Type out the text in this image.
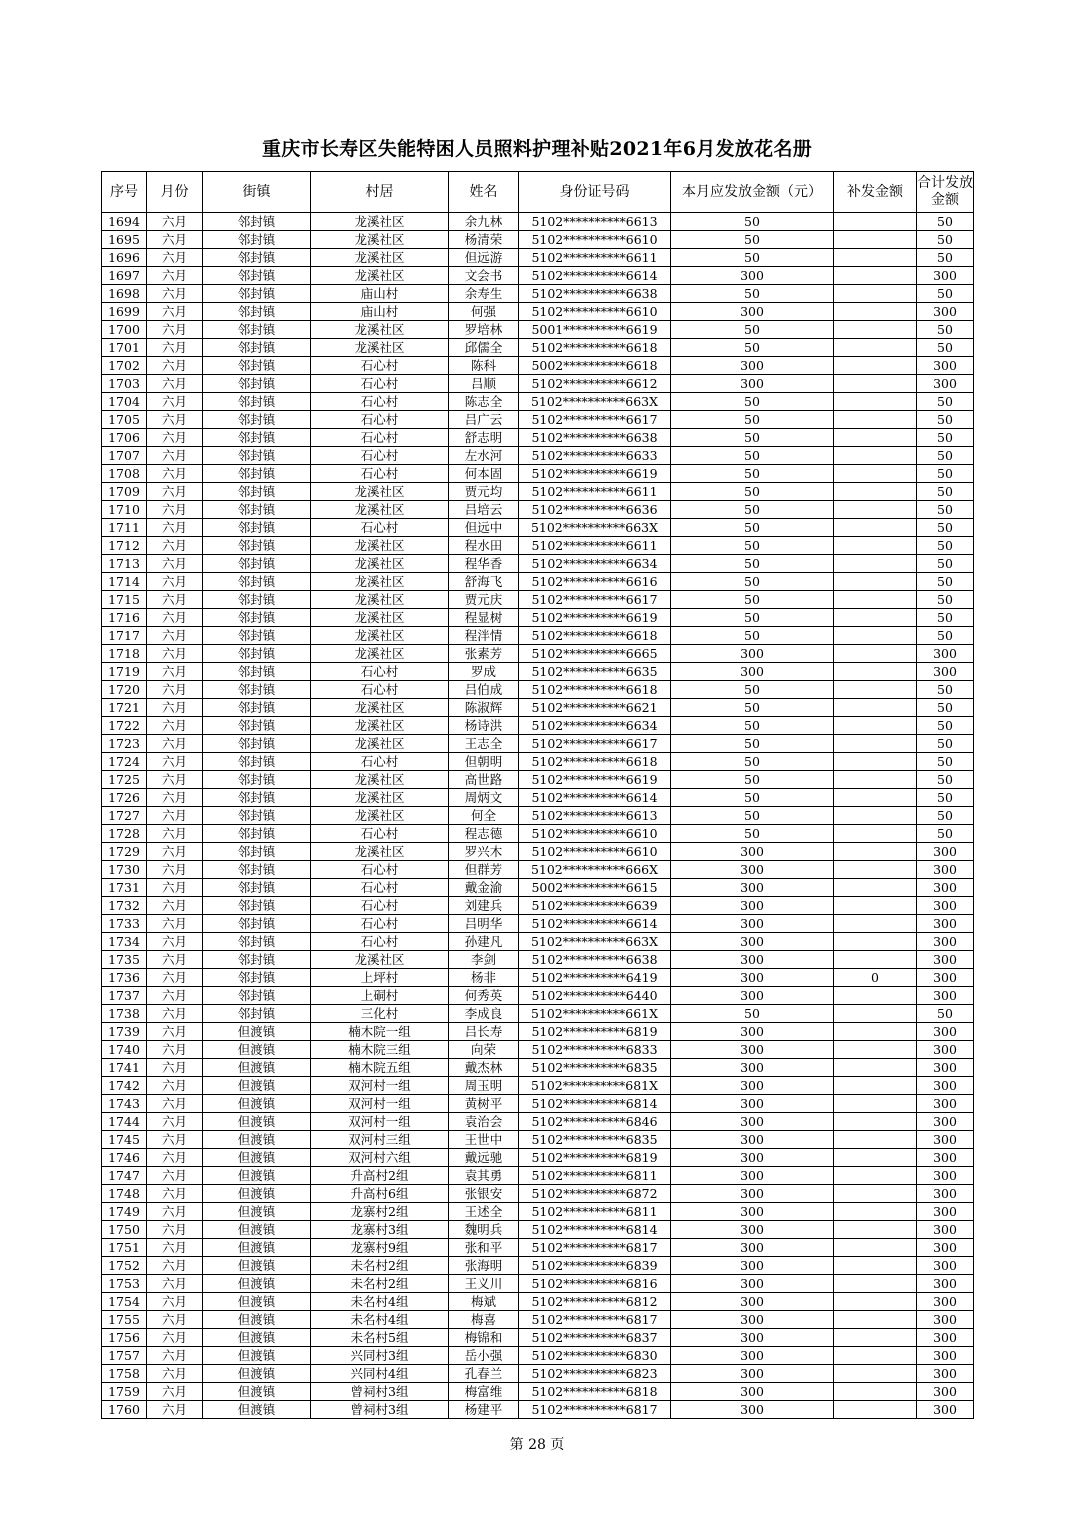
重庆市长寿区失能特困人员照料护理补贴2021年6月发放花名册
序号	月份	街镇	村居	姓名	身份证号码	本月应发放金额（元）	补发金额	合计发放金额
1694	六月	邻封镇	龙溪社区	余九林	5102**********6613	50		50
1695	六月	邻封镇	龙溪社区	杨清荣	5102**********6610	50		50
1696	六月	邻封镇	龙溪社区	但远游	5102**********6611	50		50
1697	六月	邻封镇	龙溪社区	文会书	5102**********6614	300		300
1698	六月	邻封镇	庙山村	余寿生	5102**********6638	50		50
1699	六月	邻封镇	庙山村	何强	5102**********6610	300		300
1700	六月	邻封镇	龙溪社区	罗培林	5001**********6619	50		50
1701	六月	邻封镇	龙溪社区	邱儒全	5102**********6618	50		50
1702	六月	邻封镇	石心村	陈科	5002**********6618	300		300
1703	六月	邻封镇	石心村	吕顺	5102**********6612	300		300
1704	六月	邻封镇	石心村	陈志全	5102**********663X	50		50
1705	六月	邻封镇	石心村	吕广云	5102**********6617	50		50
1706	六月	邻封镇	石心村	舒志明	5102**********6638	50		50
1707	六月	邻封镇	石心村	左水河	5102**********6633	50		50
1708	六月	邻封镇	石心村	何本固	5102**********6619	50		50
1709	六月	邻封镇	龙溪社区	贾元均	5102**********6611	50		50
1710	六月	邻封镇	龙溪社区	吕培云	5102**********6636	50		50
1711	六月	邻封镇	石心村	但远中	5102**********663X	50		50
1712	六月	邻封镇	龙溪社区	程水田	5102**********6611	50		50
1713	六月	邻封镇	龙溪社区	程华香	5102**********6634	50		50
1714	六月	邻封镇	龙溪社区	舒海飞	5102**********6616	50		50
1715	六月	邻封镇	龙溪社区	贾元庆	5102**********6617	50		50
1716	六月	邻封镇	龙溪社区	程显树	5102**********6619	50		50
1717	六月	邻封镇	龙溪社区	程泮情	5102**********6618	50		50
1718	六月	邻封镇	龙溪社区	张素芳	5102**********6665	300		300
1719	六月	邻封镇	石心村	罗成	5102**********6635	300		300
1720	六月	邻封镇	石心村	吕伯成	5102**********6618	50		50
1721	六月	邻封镇	龙溪社区	陈淑辉	5102**********6621	50		50
1722	六月	邻封镇	龙溪社区	杨诗洪	5102**********6634	50		50
1723	六月	邻封镇	龙溪社区	王志全	5102**********6617	50		50
1724	六月	邻封镇	石心村	但朝明	5102**********6618	50		50
1725	六月	邻封镇	龙溪社区	高世路	5102**********6619	50		50
1726	六月	邻封镇	龙溪社区	周炳文	5102**********6614	50		50
1727	六月	邻封镇	龙溪社区	何全	5102**********6613	50		50
1728	六月	邻封镇	石心村	程志德	5102**********6610	50		50
1729	六月	邻封镇	龙溪社区	罗兴木	5102**********6610	300		300
1730	六月	邻封镇	石心村	但群芳	5102**********666X	300		300
1731	六月	邻封镇	石心村	戴金渝	5002**********6615	300		300
1732	六月	邻封镇	石心村	刘建兵	5102**********6639	300		300
1733	六月	邻封镇	石心村	吕明华	5102**********6614	300		300
1734	六月	邻封镇	石心村	孙建凡	5102**********663X	300		300
1735	六月	邻封镇	龙溪社区	李剑	5102**********6638	300		300
1736	六月	邻封镇	上坪村	杨非	5102**********6419	300	0	300
1737	六月	邻封镇	上硐村	何秀英	5102**********6440	300		300
1738	六月	邻封镇	三化村	李成良	5102**********661X	50		50
1739	六月	但渡镇	楠木院一组	吕长寿	5102**********6819	300		300
1740	六月	但渡镇	楠木院三组	向荣	5102**********6833	300		300
1741	六月	但渡镇	楠木院五组	戴杰林	5102**********6835	300		300
1742	六月	但渡镇	双河村一组	周玉明	5102**********681X	300		300
1743	六月	但渡镇	双河村一组	黄树平	5102**********6814	300		300
1744	六月	但渡镇	双河村一组	袁治会	5102**********6846	300		300
1745	六月	但渡镇	双河村三组	王世中	5102**********6835	300		300
1746	六月	但渡镇	双河村六组	戴远驰	5102**********6819	300		300
1747	六月	但渡镇	升高村2组	袁其勇	5102**********6811	300		300
1748	六月	但渡镇	升高村6组	张银安	5102**********6872	300		300
1749	六月	但渡镇	龙寨村2组	王述全	5102**********6811	300		300
1750	六月	但渡镇	龙寨村3组	魏明兵	5102**********6814	300		300
1751	六月	但渡镇	龙寨村9组	张和平	5102**********6817	300		300
1752	六月	但渡镇	未名村2组	张海明	5102**********6839	300		300
1753	六月	但渡镇	未名村2组	王义川	5102**********6816	300		300
1754	六月	但渡镇	未名村4组	梅斌	5102**********6812	300		300
1755	六月	但渡镇	未名村4组	梅喜	5102**********6817	300		300
1756	六月	但渡镇	未名村5组	梅锦和	5102**********6837	300		300
1757	六月	但渡镇	兴同村3组	岳小强	5102**********6830	300		300
1758	六月	但渡镇	兴同村4组	孔春兰	5102**********6823	300		300
1759	六月	但渡镇	曾祠村3组	梅富维	5102**********6818	300		300
1760	六月	但渡镇	曾祠村3组	杨建平	5102**********6817	300		300
第 28 页
